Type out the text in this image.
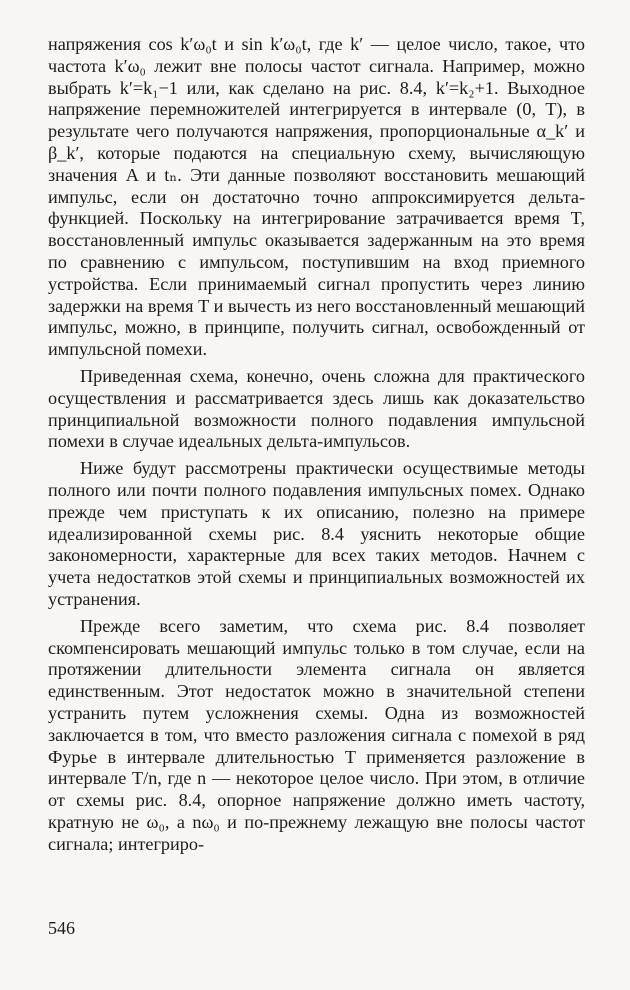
напряжения cos k′ω₀t и sin k′ω₀t, где k′ — целое число, такое, что частота k′ω₀ лежит вне полосы частот сигнала. Например, можно выбрать k′=k₁−1 или, как сделано на рис. 8.4, k′=k₂+1. Выходное напряжение перемножителей интегрируется в интервале (0, T), в результате чего получаются напряжения, пропорциональные α_k′ и β_k′, которые подаются на специальную схему, вычисляющую значения A и tₙ. Эти данные позволяют восстановить мешающий импульс, если он достаточно точно аппроксимируется дельта-функцией. Поскольку на интегрирование затрачивается время T, восстановленный импульс оказывается задержанным на это время по сравнению с импульсом, поступившим на вход приемного устройства. Если принимаемый сигнал пропустить через линию задержки на время T и вычесть из него восстановленный мешающий импульс, можно, в принципе, получить сигнал, освобожденный от импульсной помехи.

Приведенная схема, конечно, очень сложна для практического осуществления и рассматривается здесь лишь как доказательство принципиальной возможности полного подавления импульсной помехи в случае идеальных дельта-импульсов.

Ниже будут рассмотрены практически осуществимые методы полного или почти полного подавления импульсных помех. Однако прежде чем приступать к их описанию, полезно на примере идеализированной схемы рис. 8.4 уяснить некоторые общие закономерности, характерные для всех таких методов. Начнем с учета недостатков этой схемы и принципиальных возможностей их устранения.

Прежде всего заметим, что схема рис. 8.4 позволяет скомпенсировать мешающий импульс только в том случае, если на протяжении длительности элемента сигнала он является единственным. Этот недостаток можно в значительной степени устранить путем усложнения схемы. Одна из возможностей заключается в том, что вместо разложения сигнала с помехой в ряд Фурье в интервале длительностью T применяется разложение в интервале T/n, где n — некоторое целое число. При этом, в отличие от схемы рис. 8.4, опорное напряжение должно иметь частоту, кратную не ω₀, а nω₀ и по-прежнему лежащую вне полосы частот сигнала; интегриро-

546
